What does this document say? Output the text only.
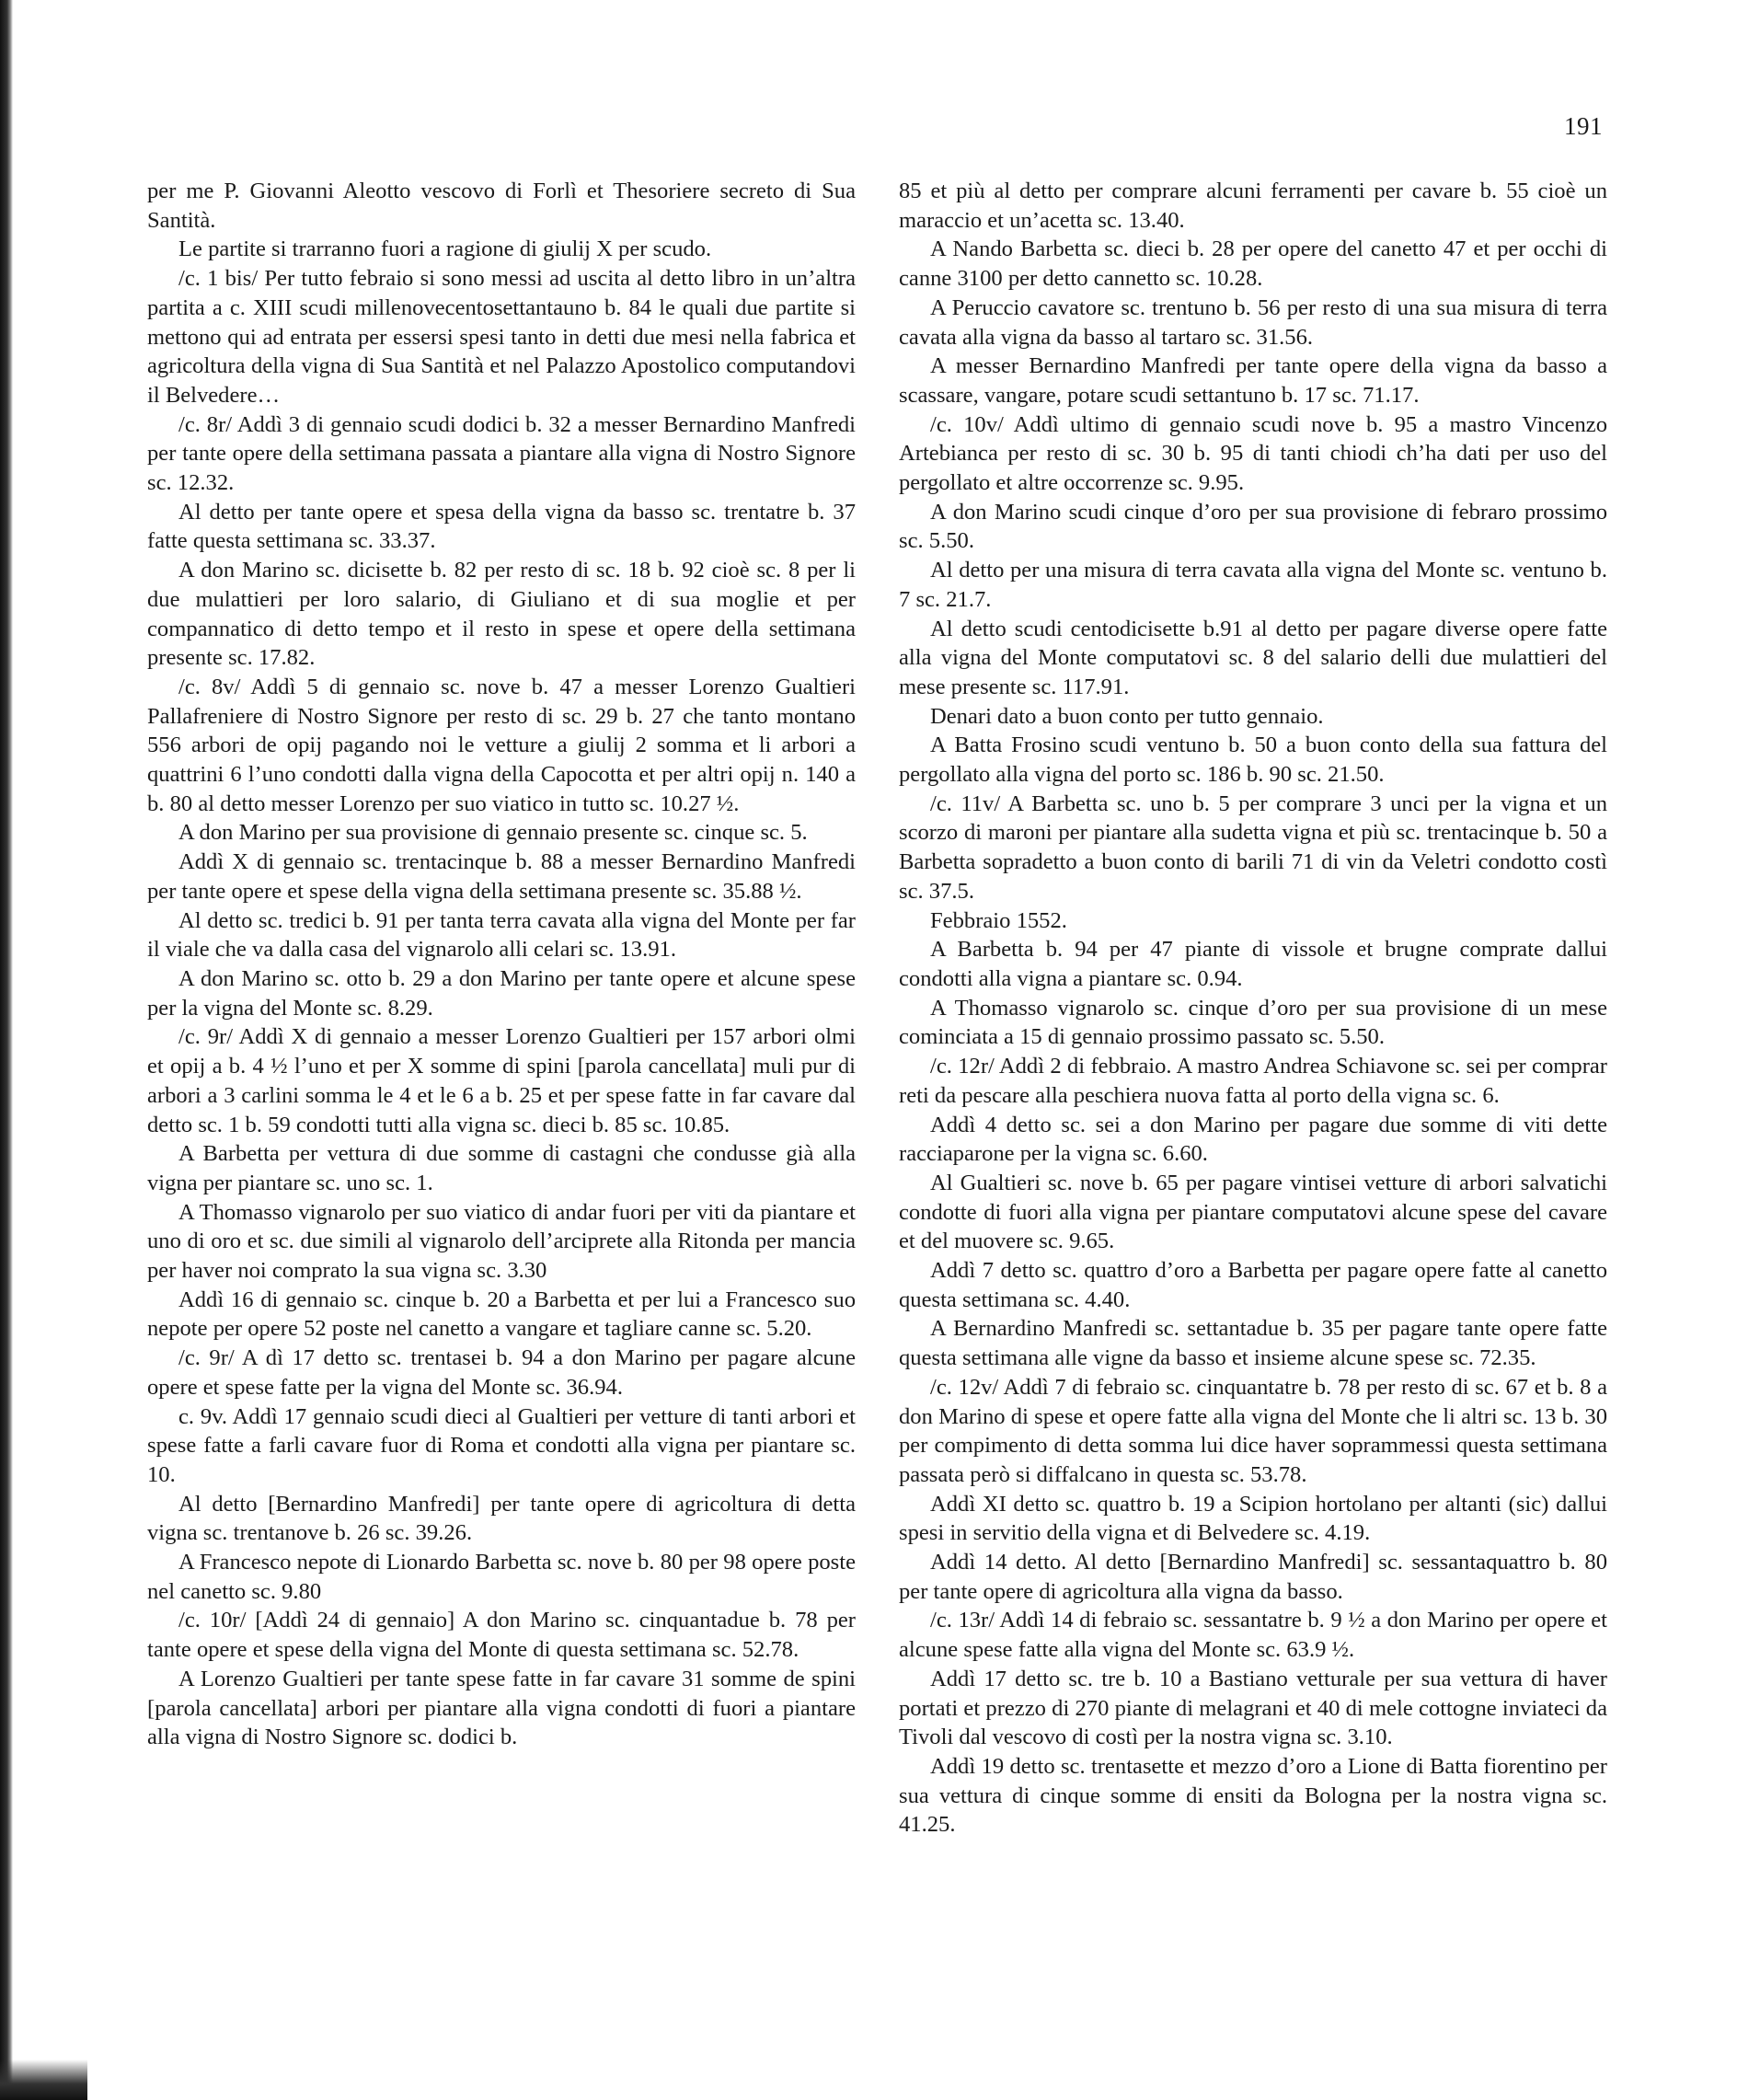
191

per me P. Giovanni Aleotto vescovo di Forlì et Thesoriere secreto di Sua Santità.

Le partite si trarranno fuori a ragione di giulij X per scudo.

/c. 1 bis/ Per tutto febraio si sono messi ad uscita al detto libro in un’altra partita a c. XIII scudi millenovecentosettantauno b. 84 le quali due partite si mettono qui ad entrata per essersi spesi tanto in detti due mesi nella fabrica et agricoltura della vigna di Sua Santità et nel Palazzo Apostolico computandovi il Belvedere…

/c. 8r/ Addì 3 di gennaio scudi dodici b. 32 a messer Bernardino Manfredi per tante opere della settimana passata a piantare alla vigna di Nostro Signore sc. 12.32.

Al detto per tante opere et spesa della vigna da basso sc. trentatre b. 37 fatte questa settimana sc. 33.37.

A don Marino sc. dicisette b. 82 per resto di sc. 18 b. 92 cioè sc. 8 per li due mulattieri per loro salario, di Giuliano et di sua moglie et per compannatico di detto tempo et il resto in spese et opere della settimana presente sc. 17.82.

/c. 8v/ Addì 5 di gennaio sc. nove b. 47 a messer Lorenzo Gualtieri Pallafreniere di Nostro Signore per resto di sc. 29 b. 27 che tanto montano 556 arbori de opij pagando noi le vetture a giulij 2 somma et li arbori a quattrini 6 l’uno condotti dalla vigna della Capocotta et per altri opij n. 140 a b. 80 al detto messer Lorenzo per suo viatico in tutto sc. 10.27 ½.

A don Marino per sua provisione di gennaio presente sc. cinque sc. 5.

Addì X di gennaio sc. trentacinque b. 88 a messer Bernardino Manfredi per tante opere et spese della vigna della settimana presente sc. 35.88 ½.

Al detto sc. tredici b. 91 per tanta terra cavata alla vigna del Monte per far il viale che va dalla casa del vignarolo alli celari sc. 13.91.

A don Marino sc. otto b. 29 a don Marino per tante opere et alcune spese per la vigna del Monte sc. 8.29.

/c. 9r/ Addì X di gennaio a messer Lorenzo Gualtieri per 157 arbori olmi et opij a b. 4 ½ l’uno et per X somme di spini [parola cancellata] muli pur di arbori a 3 carlini somma le 4 et le 6 a b. 25 et per spese fatte in far cavare dal detto sc. 1 b. 59 condotti tutti alla vigna sc. dieci b. 85 sc. 10.85.

A Barbetta per vettura di due somme di castagni che condusse già alla vigna per piantare sc. uno sc. 1.

A Thomasso vignarolo per suo viatico di andar fuori per viti da piantare et uno di oro et sc. due simili al vignarolo dell’arciprete alla Ritonda per mancia per haver noi comprato la sua vigna sc. 3.30

Addì 16 di gennaio sc. cinque b. 20 a Barbetta et per lui a Francesco suo nepote per opere 52 poste nel canetto a vangare et tagliare canne sc. 5.20.

/c. 9r/ A dì 17 detto sc. trentasei b. 94 a don Marino per pagare alcune opere et spese fatte per la vigna del Monte sc. 36.94.

c. 9v. Addì 17 gennaio scudi dieci al Gualtieri per vetture di tanti arbori et spese fatte a farli cavare fuor di Roma et condotti alla vigna per piantare sc. 10.

Al detto [Bernardino Manfredi] per tante opere di agricoltura di detta vigna sc. trentanove b. 26 sc. 39.26.

A Francesco nepote di Lionardo Barbetta sc. nove b. 80 per 98 opere poste nel canetto sc. 9.80

/c. 10r/ [Addì 24 di gennaio] A don Marino sc. cinquantadue b. 78 per tante opere et spese della vigna del Monte di questa settimana sc. 52.78.

A Lorenzo Gualtieri per tante spese fatte in far cavare 31 somme de spini [parola cancellata] arbori per piantare alla vigna condotti di fuori a piantare alla vigna di Nostro Signore sc. dodici b.

85 et più al detto per comprare alcuni ferramenti per cavare b. 55 cioè un maraccio et un’acetta sc. 13.40.

A Nando Barbetta sc. dieci b. 28 per opere del canetto 47 et per occhi di canne 3100 per detto cannetto sc. 10.28.

A Peruccio cavatore sc. trentuno b. 56 per resto di una sua misura di terra cavata alla vigna da basso al tartaro sc. 31.56.

A messer Bernardino Manfredi per tante opere della vigna da basso a scassare, vangare, potare scudi settantuno b. 17 sc. 71.17.

/c. 10v/ Addì ultimo di gennaio scudi nove b. 95 a mastro Vincenzo Artebianca per resto di sc. 30 b. 95 di tanti chiodi ch’ha dati per uso del pergollato et altre occorrenze sc. 9.95.

A don Marino scudi cinque d’oro per sua provisione di febraro prossimo sc. 5.50.

Al detto per una misura di terra cavata alla vigna del Monte sc. ventuno b. 7 sc. 21.7.

Al detto scudi centodicisette b.91 al detto per pagare diverse opere fatte alla vigna del Monte computatovi sc. 8 del salario delli due mulattieri del mese presente sc. 117.91.

Denari dato a buon conto per tutto gennaio.

A Batta Frosino scudi ventuno b. 50 a buon conto della sua fattura del pergollato alla vigna del porto sc. 186 b. 90 sc. 21.50.

/c. 11v/ A Barbetta sc. uno b. 5 per comprare 3 unci per la vigna et un scorzo di maroni per piantare alla sudetta vigna et più sc. trentacinque b. 50 a Barbetta sopradetto a buon conto di barili 71 di vin da Veletri condotto costì sc. 37.5.

Febbraio 1552.

A Barbetta b. 94 per 47 piante di vissole et brugne comprate dallui condotti alla vigna a piantare sc. 0.94.

A Thomasso vignarolo sc. cinque d’oro per sua provisione di un mese cominciata a 15 di gennaio prossimo passato sc. 5.50.

/c. 12r/ Addì 2 di febbraio. A mastro Andrea Schiavone sc. sei per comprar reti da pescare alla peschiera nuova fatta al porto della vigna sc. 6.

Addì 4 detto sc. sei a don Marino per pagare due somme di viti dette racciaparone per la vigna sc. 6.60.

Al Gualtieri sc. nove b. 65 per pagare vintisei vetture di arbori salvatichi condotte di fuori alla vigna per piantare computatovi alcune spese del cavare et del muovere sc. 9.65.

Addì 7 detto sc. quattro d’oro a Barbetta per pagare opere fatte al canetto questa settimana sc. 4.40.

A Bernardino Manfredi sc. settantadue b. 35 per pagare tante opere fatte questa settimana alle vigne da basso et insieme alcune spese sc. 72.35.

/c. 12v/ Addì 7 di febraio sc. cinquantatre b. 78 per resto di sc. 67 et b. 8 a don Marino di spese et opere fatte alla vigna del Monte che li altri sc. 13 b. 30 per compimento di detta somma lui dice haver soprammessi questa settimana passata però si diffalcano in questa sc. 53.78.

Addì XI detto sc. quattro b. 19 a Scipion hortolano per altanti (sic) dallui spesi in servitio della vigna et di Belvedere sc. 4.19.

Addì 14 detto. Al detto [Bernardino Manfredi] sc. sessantaquattro b. 80 per tante opere di agricoltura alla vigna da basso.

/c. 13r/ Addì 14 di febraio sc. sessantatre b. 9 ½ a don Marino per opere et alcune spese fatte alla vigna del Monte sc. 63.9 ½.

Addì 17 detto sc. tre b. 10 a Bastiano vetturale per sua vettura di haver portati et prezzo di 270 piante di melagrani et 40 di mele cottogne inviateci da Tivoli dal vescovo di costì per la nostra vigna sc. 3.10.

Addì 19 detto sc. trentasette et mezzo d’oro a Lione di Batta fiorentino per sua vettura di cinque somme di ensiti da Bologna per la nostra vigna sc. 41.25.
